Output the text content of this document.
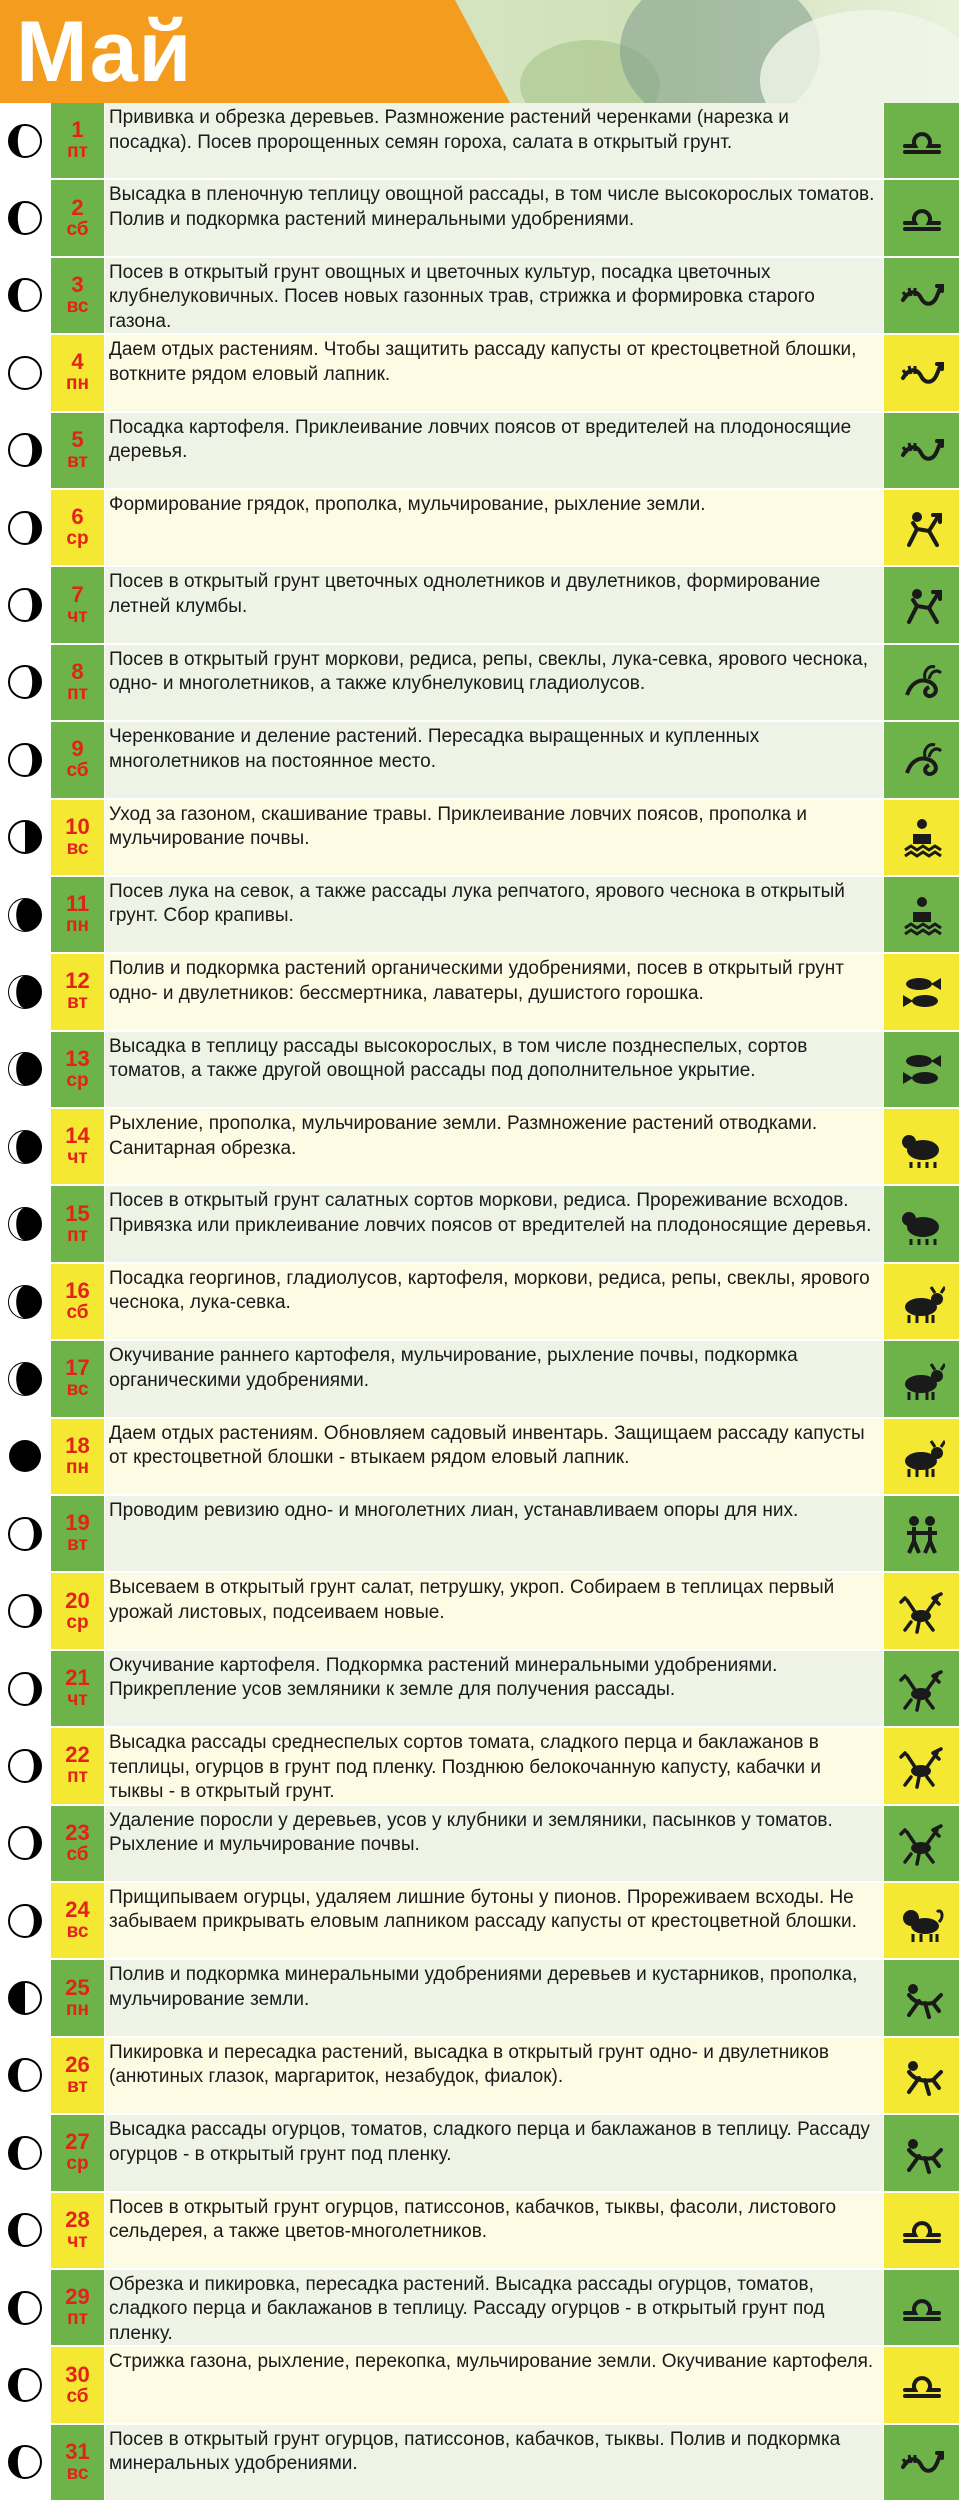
Май
1
пт
Прививка и обрезка деревьев. Размножение растений черенками (нарезка и посадка). Посев пророщенных семян гороха, салата в открытый грунт.
2
сб
Высадка в пленочную теплицу овощной рассады, в том числе высокорослых томатов. Полив и подкормка растений минеральными удобрениями.
3
вс
Посев в открытый грунт овощных и цветочных культур, посадка цветочных клубнелуковичных. Посев новых газонных трав, стрижка и формировка старого газона.
4
пн
Даем отдых растениям. Чтобы защитить рассаду капусты от крестоцветной блошки, воткните рядом еловый лапник.
5
вт
Посадка картофеля. Приклеивание ловчих поясов от вредителей на плодоносящие деревья.
6
ср
Формирование грядок, прополка, мульчирование, рыхление земли.
7
чт
Посев в открытый грунт цветочных однолетников и двулетников, формирование летней клумбы.
8
пт
Посев в открытый грунт моркови, редиса, репы, свеклы, лука-севка, ярового чеснока, одно- и многолетников, а также клубнелуковиц гладиолусов.
9
сб
Черенкование и деление растений. Пересадка выращенных и купленных многолетников на постоянное место.
10
вс
Уход за газоном, скашивание травы. Приклеивание ловчих поясов, прополка и мульчирование почвы.
11
пн
Посев лука на севок, а также рассады лука репчатого, ярового чеснока в открытый грунт. Сбор крапивы.
12
вт
Полив и подкормка растений органическими удобрениями, посев в открытый грунт одно- и двулетников: бессмертника, лаватеры, душистого горошка.
13
ср
Высадка в теплицу рассады высокорослых, в том числе позднеспелых, сортов томатов, а также другой овощной рассады под дополнительное укрытие.
14
чт
Рыхление, прополка, мульчирование земли. Размножение растений отводками. Санитарная обрезка.
15
пт
Посев в открытый грунт салатных сортов моркови, редиса. Прореживание всходов. Привязка или приклеивание ловчих поясов от вредителей на плодоносящие деревья.
16
сб
Посадка георгинов, гладиолусов, картофеля, моркови, редиса, репы, свеклы, ярового чеснока, лука-севка.
17
вс
Окучивание раннего картофеля, мульчирование, рыхление почвы, подкормка органическими удобрениями.
18
пн
Даем отдых растениям. Обновляем садовый инвентарь. Защищаем рассаду капусты от крестоцветной блошки - втыкаем рядом еловый лапник.
19
вт
Проводим ревизию одно- и многолетних лиан, устанавливаем опоры для них.
20
ср
Высеваем в открытый грунт салат, петрушку, укроп. Собираем в теплицах первый урожай листовых, подсеиваем новые.
21
чт
Окучивание картофеля. Подкормка растений минеральными удобрениями. Прикрепление усов земляники к земле для получения рассады.
22
пт
Высадка рассады среднеспелых сортов томата, сладкого перца и баклажанов в теплицы, огурцов в грунт под пленку. Позднюю белокочанную капусту, кабачки и тыквы - в открытый грунт.
23
сб
Удаление поросли у деревьев, усов у клубники и земляники, пасынков у томатов. Рыхление и мульчирование почвы.
24
вс
Прищипываем огурцы, удаляем лишние бутоны у пионов. Прореживаем всходы. Не забываем прикрывать еловым лапником рассаду капусты от крестоцветной блошки.
25
пн
Полив и подкормка минеральными удобрениями деревьев и кустарников, прополка, мульчирование земли.
26
вт
Пикировка и пересадка растений, высадка в открытый грунт одно- и двулетников (анютиных глазок, маргариток, незабудок, фиалок).
27
ср
Высадка рассады огурцов, томатов, сладкого перца и баклажанов в теплицу. Рассаду огурцов - в открытый грунт под пленку.
28
чт
Посев в открытый грунт огурцов, патиссонов, кабачков, тыквы, фасоли, листового сельдерея, а также цветов-многолетников.
29
пт
Обрезка и пикировка, пересадка растений. Высадка рассады огурцов, томатов, сладкого перца и баклажанов в теплицу. Рассаду огурцов - в открытый грунт под пленку.
30
сб
Стрижка газона, рыхление, перекопка, мульчирование земли. Окучивание картофеля.
31
вс
Посев в открытый грунт огурцов, патиссонов, кабачков, тыквы. Полив и подкормка минеральных удобрениями.
